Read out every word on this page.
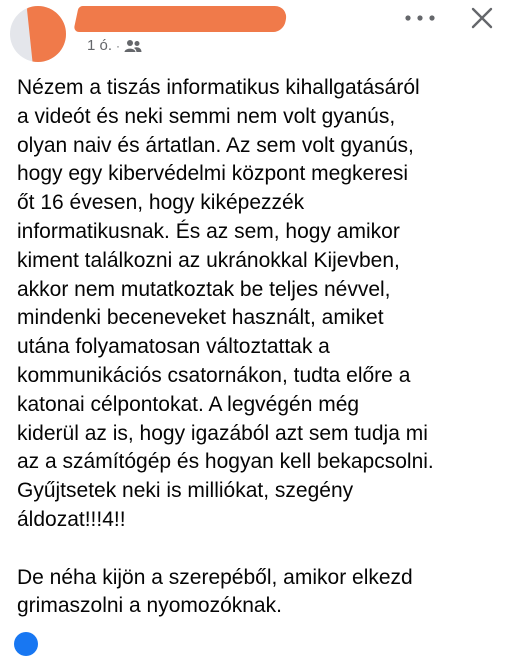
1 ó. ·
Nézem a tiszás informatikus kihallgatásáról
a videót és neki semmi nem volt gyanús,
olyan naiv és ártatlan. Az sem volt gyanús,
hogy egy kibervédelmi központ megkeresi
őt 16 évesen, hogy kiképezzék
informatikusnak. És az sem, hogy amikor
kiment találkozni az ukránokkal Kijevben,
akkor nem mutatkoztak be teljes névvel,
mindenki beceneveket használt, amiket
utána folyamatosan változtattak a
kommunikációs csatornákon, tudta előre a
katonai célpontokat. A legvégén még
kiderül az is, hogy igazából azt sem tudja mi
az a számítógép és hogyan kell bekapcsolni.
Gyűjtsetek neki is milliókat, szegény
áldozat!!!4!!

De néha kijön a szerepéből, amikor elkezd
grimaszolni a nyomozóknak.
